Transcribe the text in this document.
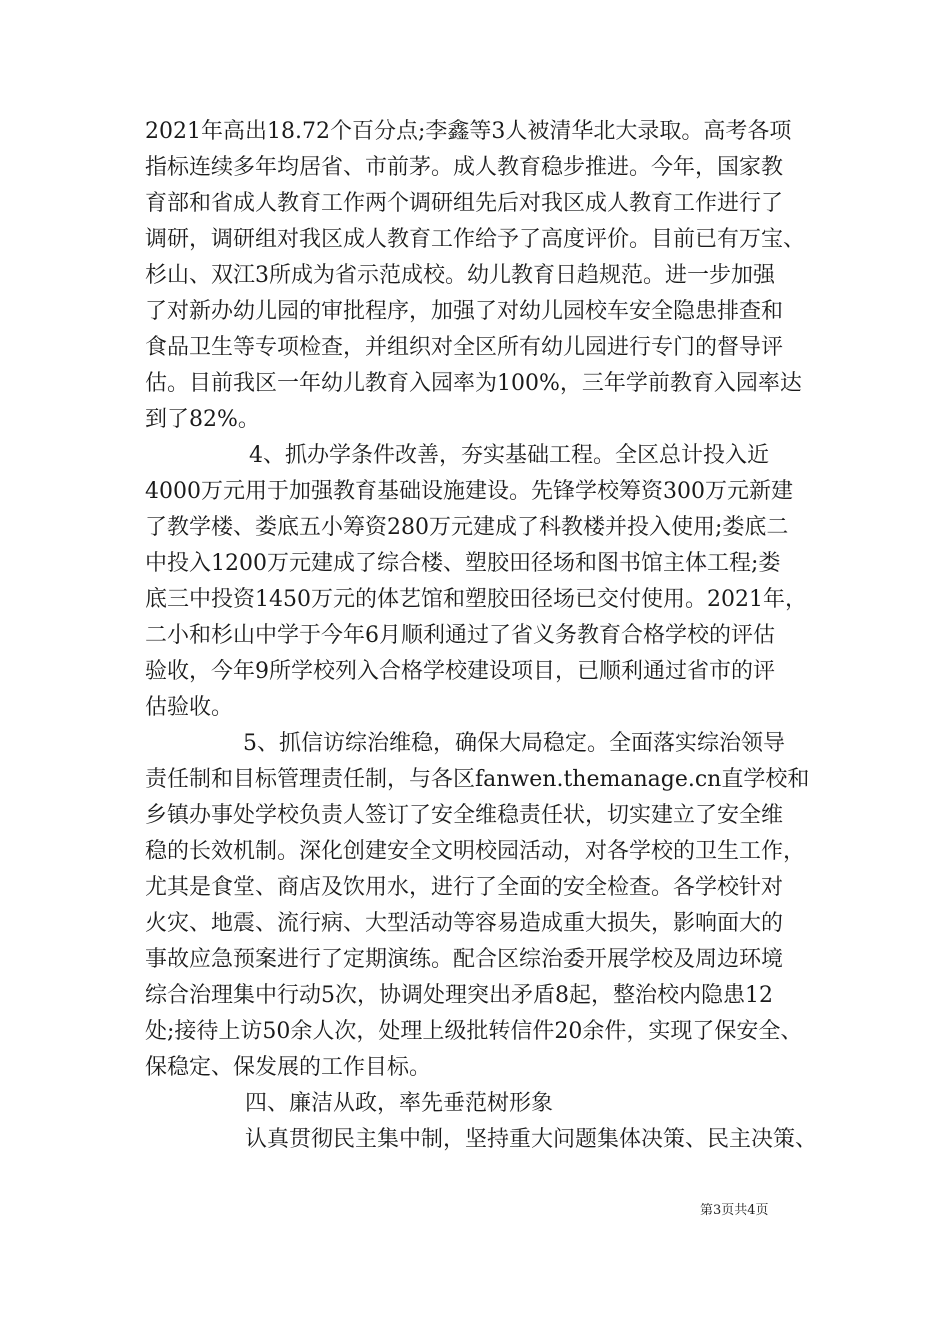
2021年高出18.72个百分点;李鑫等3人被清华北大录取。高考各项
指标连续多年均居省、市前茅。成人教育稳步推进。今年，国家教
育部和省成人教育工作两个调研组先后对我区成人教育工作进行了
调研，调研组对我区成人教育工作给予了高度评价。目前已有万宝、
杉山、双江3所成为省示范成校。幼儿教育日趋规范。进一步加强
了对新办幼儿园的审批程序，加强了对幼儿园校车安全隐患排查和
食品卫生等专项检查，并组织对全区所有幼儿园进行专门的督导评
估。目前我区一年幼儿教育入园率为100%，三年学前教育入园率达
到了82%。
4、抓办学条件改善，夯实基础工程。全区总计投入近
4000万元用于加强教育基础设施建设。先锋学校筹资300万元新建
了教学楼、娄底五小筹资280万元建成了科教楼并投入使用;娄底二
中投入1200万元建成了综合楼、塑胶田径场和图书馆主体工程;娄
底三中投资1450万元的体艺馆和塑胶田径场已交付使用。2021年，
二小和杉山中学于今年6月顺利通过了省义务教育合格学校的评估
验收，今年9所学校列入合格学校建设项目，已顺利通过省市的评
估验收。
5、抓信访综治维稳，确保大局稳定。全面落实综治领导
责任制和目标管理责任制，与各区fanwen.themanage.cn直学校和
乡镇办事处学校负责人签订了安全维稳责任状，切实建立了安全维
稳的长效机制。深化创建安全文明校园活动，对各学校的卫生工作，
尤其是食堂、商店及饮用水，进行了全面的安全检查。各学校针对
火灾、地震、流行病、大型活动等容易造成重大损失，影响面大的
事故应急预案进行了定期演练。配合区综治委开展学校及周边环境
综合治理集中行动5次，协调处理突出矛盾8起，整治校内隐患12
处;接待上访50余人次，处理上级批转信件20余件，实现了保安全、
保稳定、保发展的工作目标。
四、廉洁从政，率先垂范树形象
认真贯彻民主集中制，坚持重大问题集体决策、民主决策、
第3页共4页
